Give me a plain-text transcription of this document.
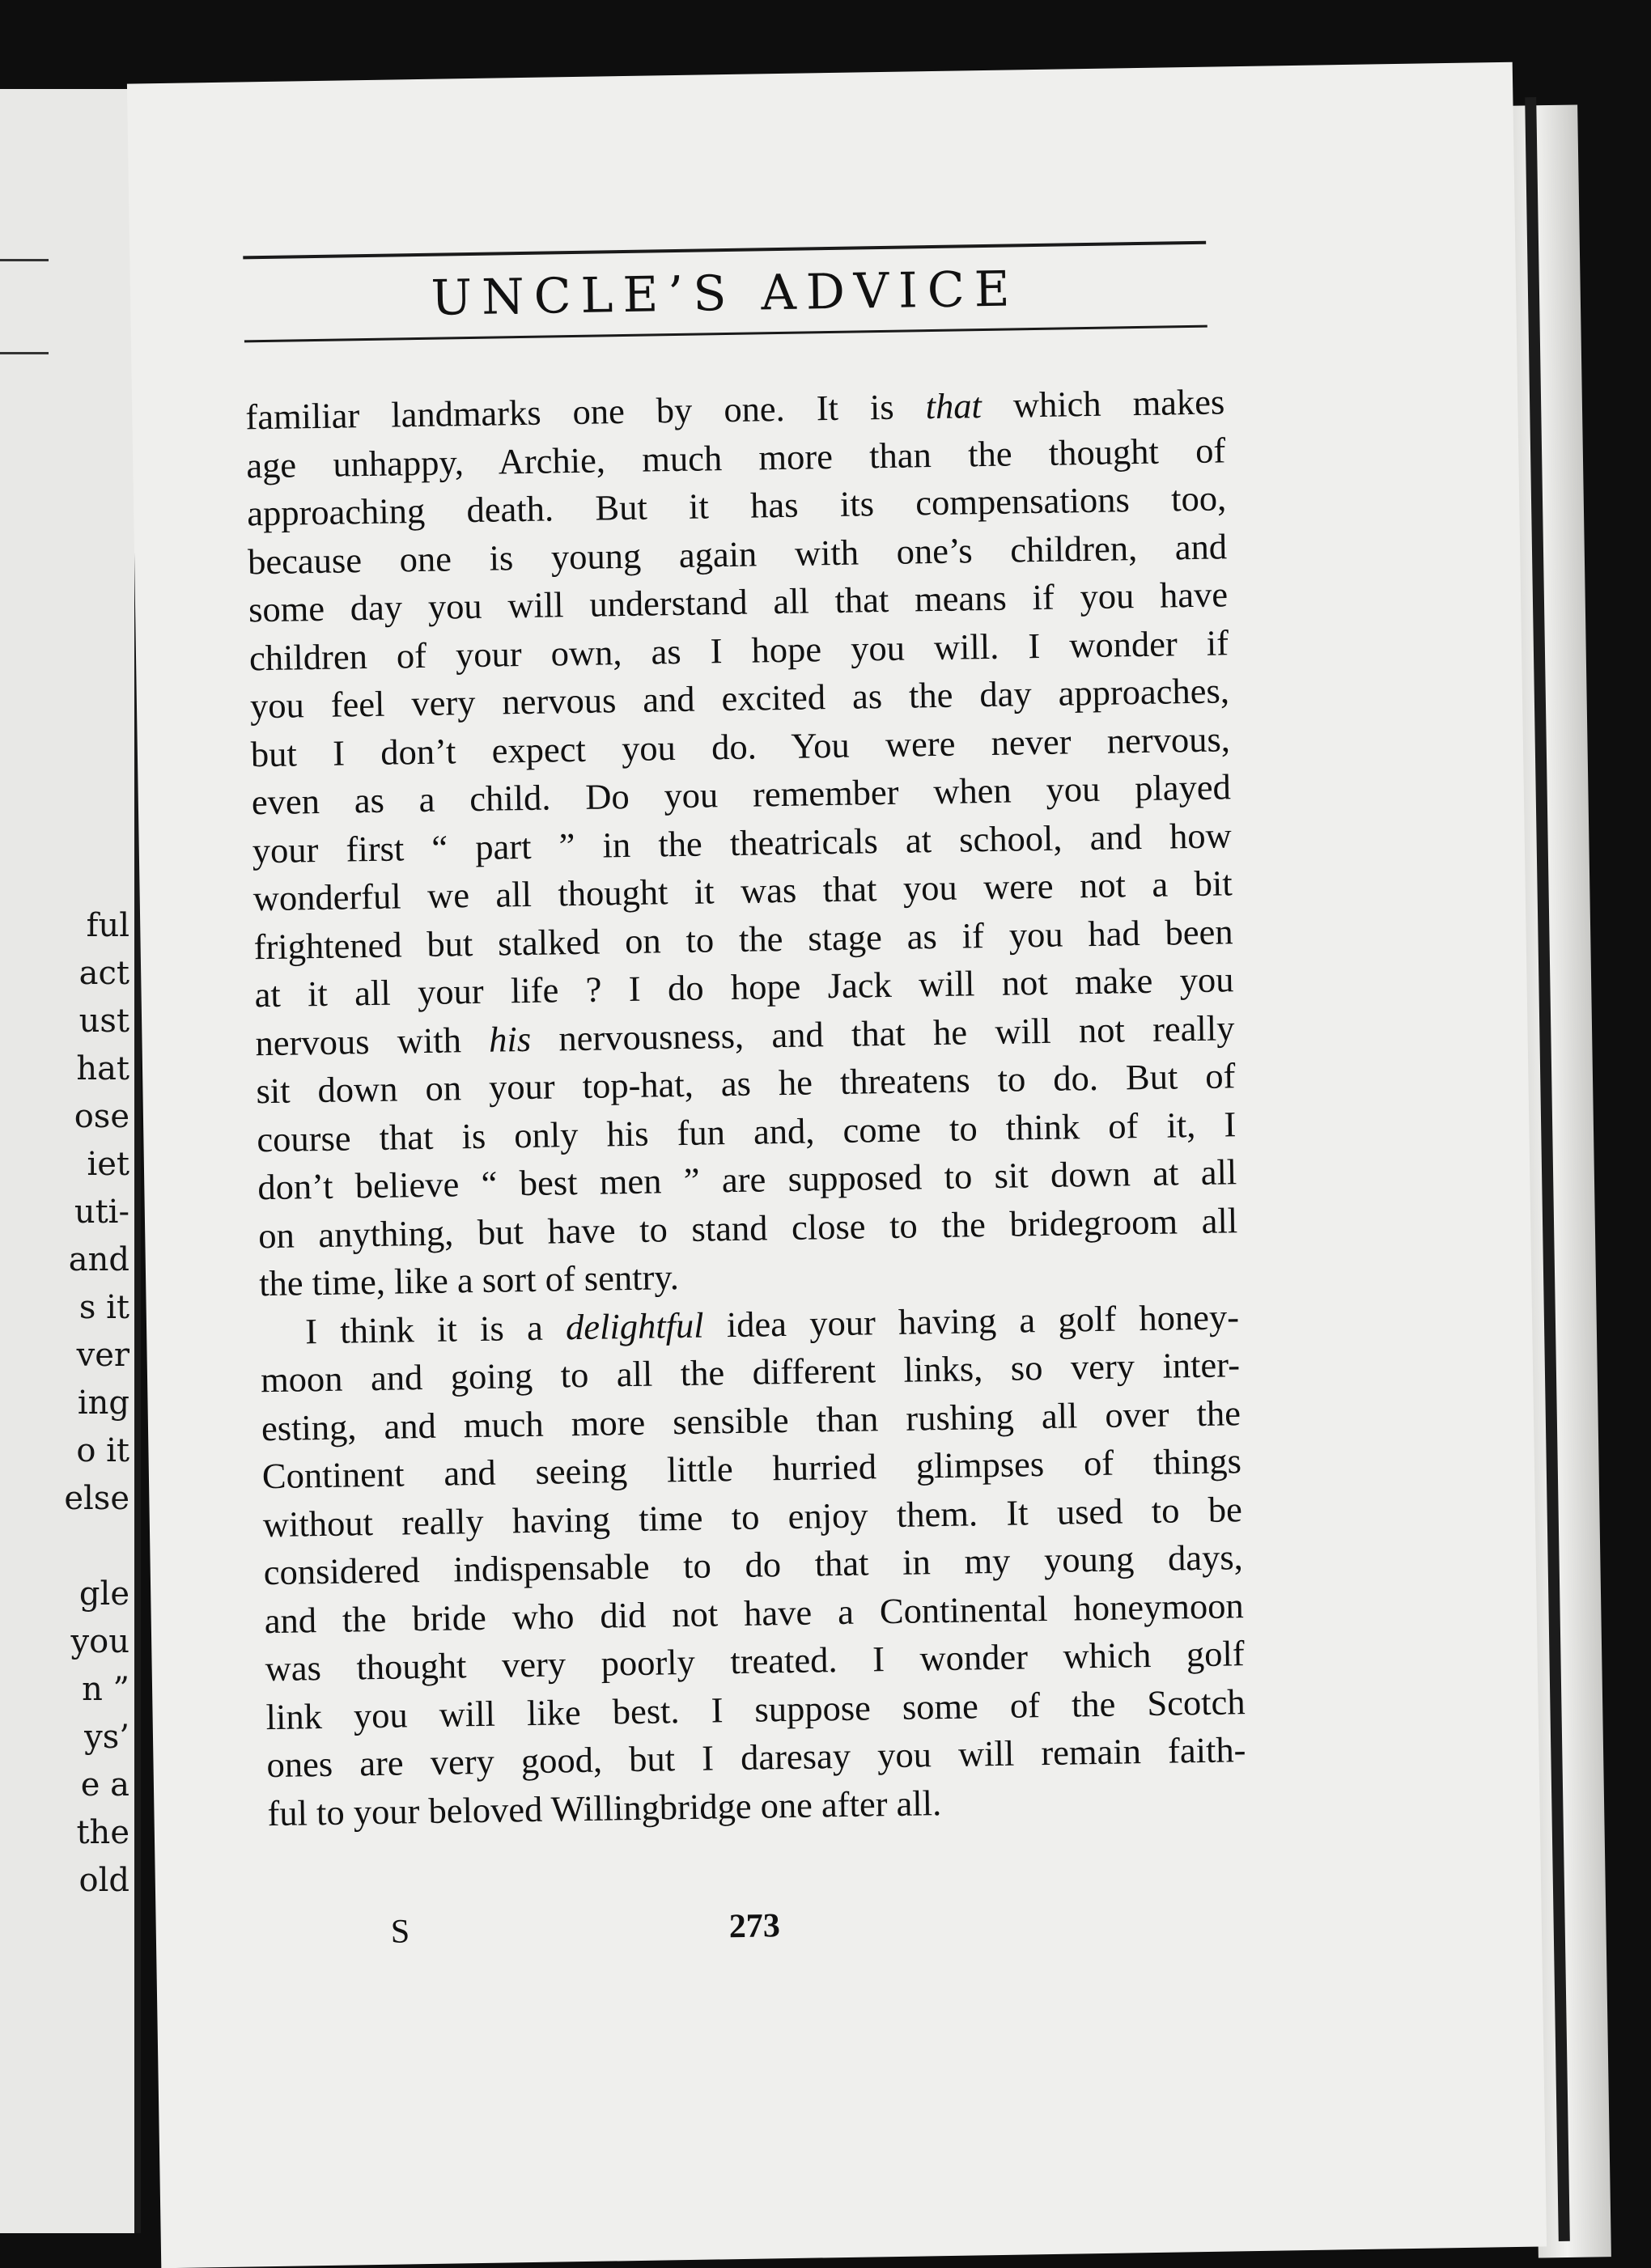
ful
act
ust
hat
ose
iet
uti-
and
s it
ver
ing
o it
else
gle
you
n ”
ys’
e a
the
old
UNCLE’S ADVICE
familiar landmarks one by one. It is that which makes
age unhappy, Archie, much more than the thought of
approaching death. But it has its compensations too,
because one is young again with one’s children, and
some day you will understand all that means if you have
children of your own, as I hope you will. I wonder if
you feel very nervous and excited as the day approaches,
but I don’t expect you do. You were never nervous,
even as a child. Do you remember when you played
your first “ part ” in the theatricals at school, and how
wonderful we all thought it was that you were not a bit
frightened but stalked on to the stage as if you had been
at it all your life ? I do hope Jack will not make you
nervous with his nervousness, and that he will not really
sit down on your top-hat, as he threatens to do. But of
course that is only his fun and, come to think of it, I
don’t believe “ best men ” are supposed to sit down at all
on anything, but have to stand close to the bridegroom all
the time, like a sort of sentry.
I think it is a delightful idea your having a golf honey-
moon and going to all the different links, so very inter-
esting, and much more sensible than rushing all over the
Continent and seeing little hurried glimpses of things
without really having time to enjoy them. It used to be
considered indispensable to do that in my young days,
and the bride who did not have a Continental honeymoon
was thought very poorly treated. I wonder which golf
link you will like best. I suppose some of the Scotch
ones are very good, but I daresay you will remain faith-
ful to your beloved Willingbridge one after all.
S	273
